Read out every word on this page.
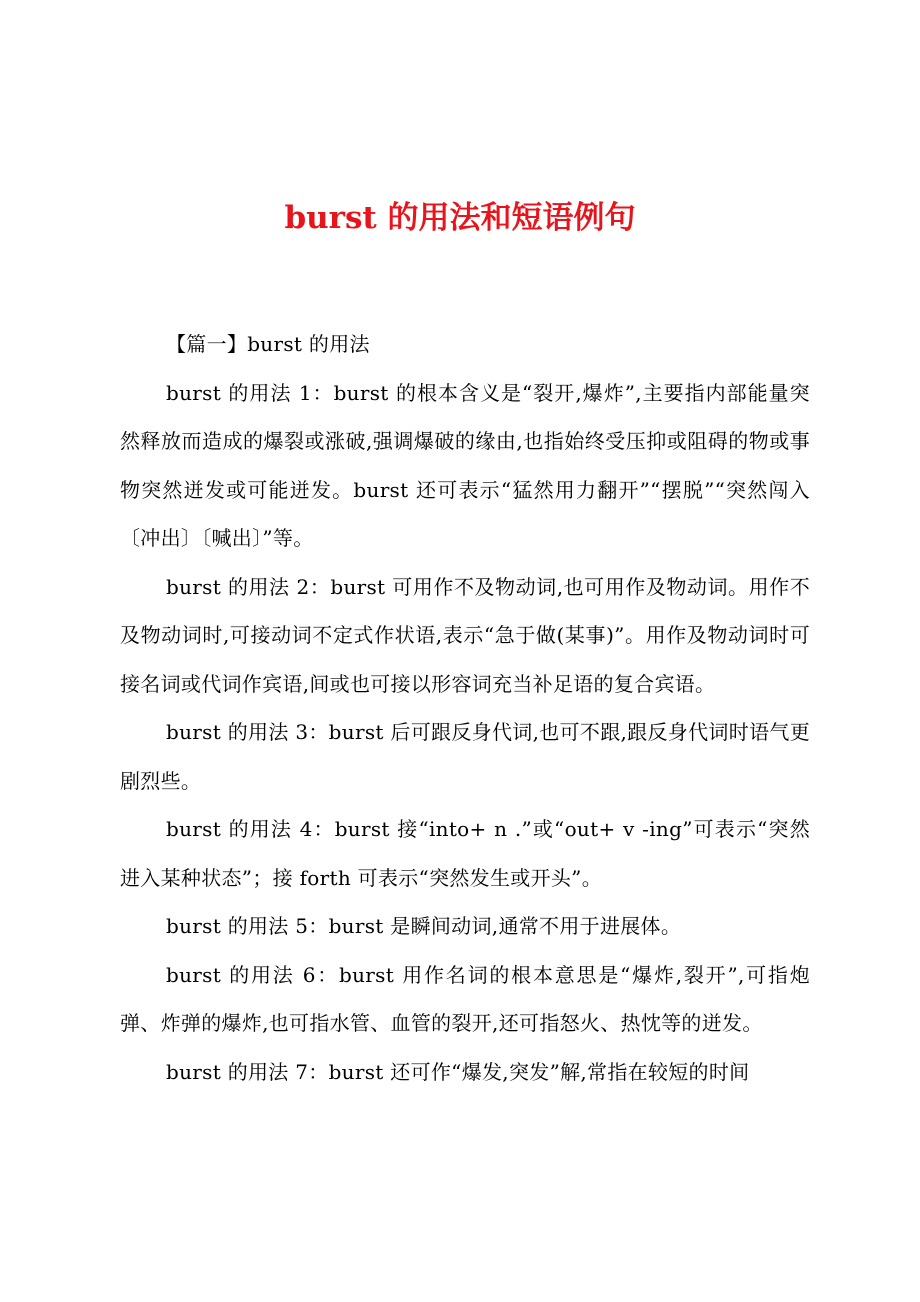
burst 的用法和短语例句

【篇一】burst 的用法

burst 的用法 1：burst 的根本含义是“裂开,爆炸”,主要指内部能量突然释放而造成的爆裂或涨破,强调爆破的缘由,也指始终受压抑或阻碍的物或事物突然迸发或可能迸发。burst 还可表示“猛然用力翻开”“摆脱”“突然闯入〔冲出〕〔喊出〕”等。

burst 的用法 2：burst 可用作不及物动词,也可用作及物动词。用作不及物动词时,可接动词不定式作状语,表示“急于做(某事)”。用作及物动词时可接名词或代词作宾语,间或也可接以形容词充当补足语的复合宾语。

burst 的用法 3：burst 后可跟反身代词,也可不跟,跟反身代词时语气更剧烈些。

burst 的用法 4：burst 接“into+ n .”或“out+ v -ing”可表示“突然进入某种状态”；接 forth 可表示“突然发生或开头”。

burst 的用法 5：burst 是瞬间动词,通常不用于进展体。

burst 的用法 6：burst 用作名词的根本意思是“爆炸,裂开”,可指炮弹、炸弹的爆炸,也可指水管、血管的裂开,还可指怒火、热忱等的迸发。

burst 的用法 7：burst 还可作“爆发,突发”解,常指在较短的时间
